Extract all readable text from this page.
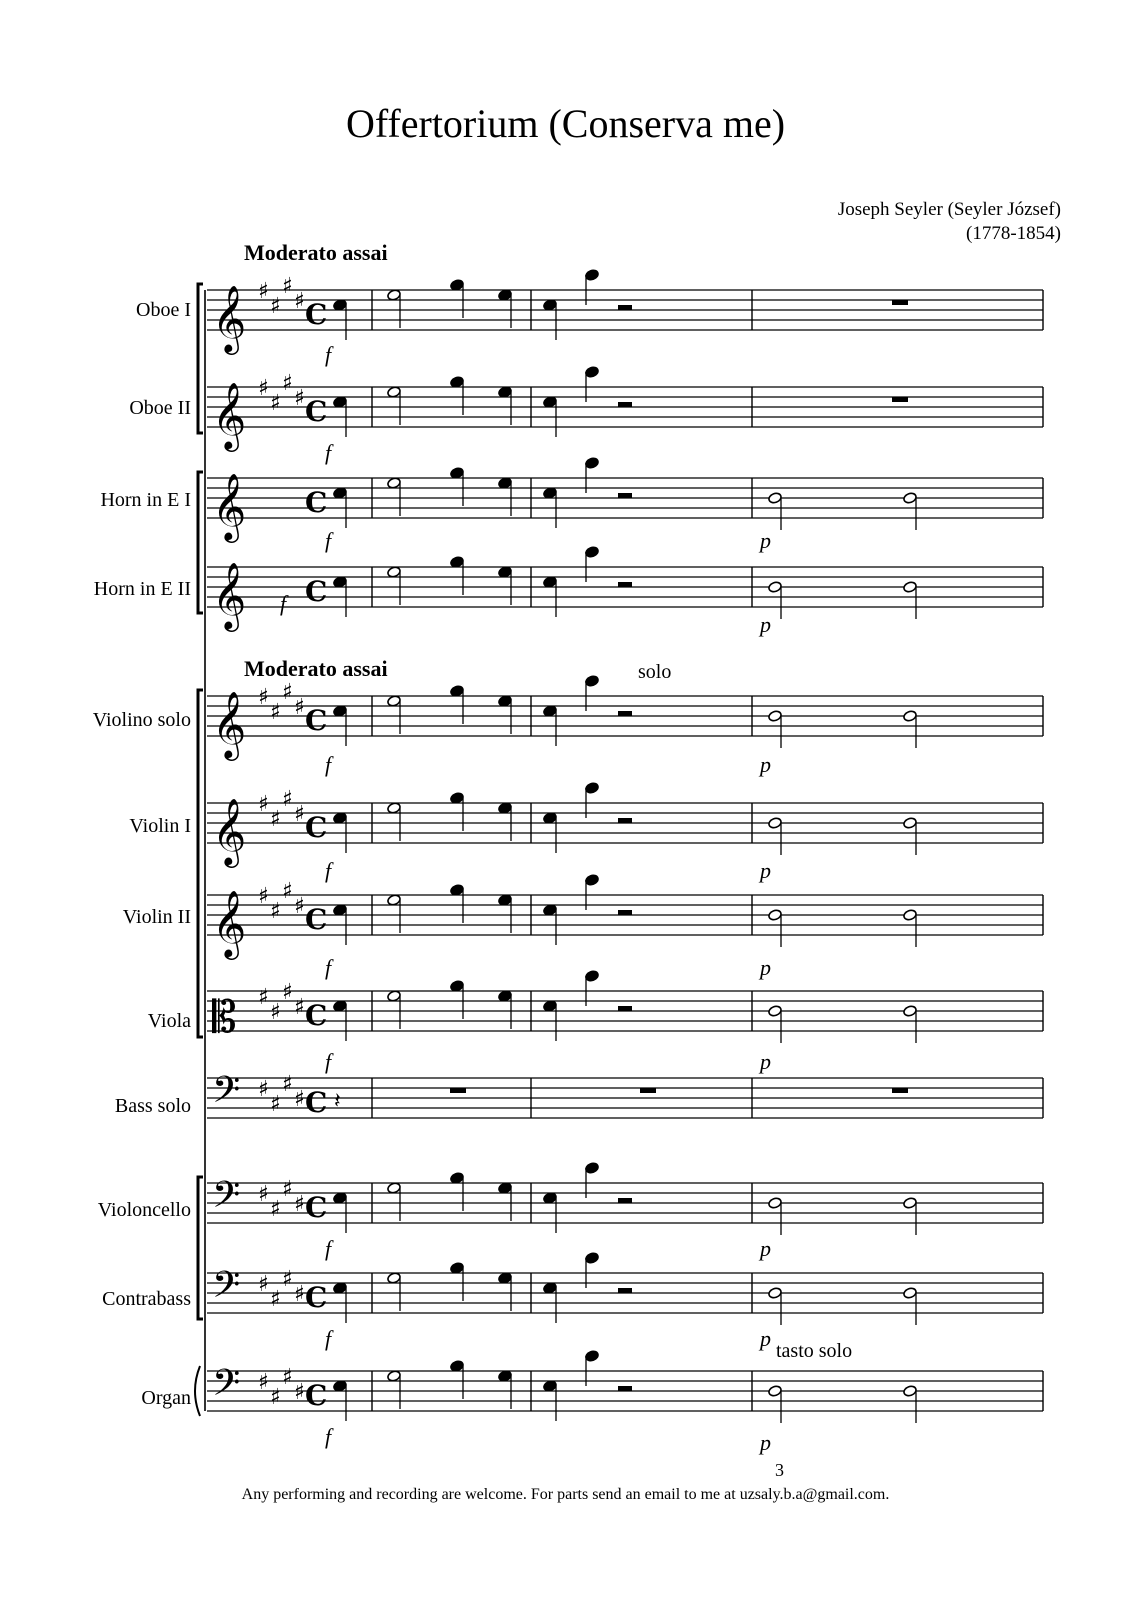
Offertorium (Conserva me)
Joseph Seyler (Seyler József)
(1778-1854)
Moderato assai
Moderato assai	solo
tasto solo
Oboe I
Oboe II
Horn in E I
Horn in E II
Violino solo
Violin I
Violin II
Viola
Bass solo
Violoncello
Contrabass
Organ
f
f
f	p
f
p
f	p
f	p
f	p
f	p
f	p
f	p
f	p
3
Any performing and recording are welcome. For parts send an email to me at uzsaly.b.a@gmail.com.
𝄞 ♯
♯
♯
♯ C
𝄞 ♯
♯
♯
♯ C
𝄞 C
𝄞 C
𝄞 ♯
♯
♯
♯ C
𝄞 ♯
♯
♯
♯ C
𝄞 ♯
♯
♯
♯ C
𝄡 ♯
♯
♯
♯ C
𝄢 ♯
♯
♯
♯ C 𝄽
𝄢 ♯
♯
♯
♯ C
𝄢 ♯
♯
♯
♯ C
𝄢 ♯
♯
♯
♯ C
